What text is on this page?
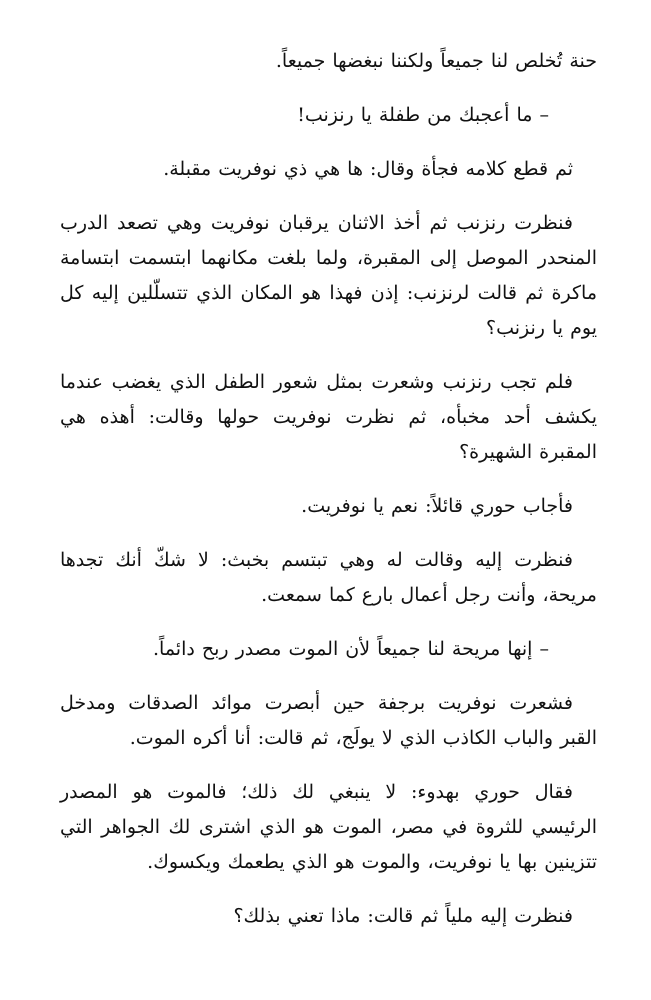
حنة تُخلص لنا جميعاً ولكننا نبغضها جميعاً.

– ما أعجبك من طفلة يا رنزنب!

ثم قطع كلامه فجأة وقال: ها هي ذي نوفريت مقبلة.

فنظرت رنزنب ثم أخذ الاثنان يرقبان نوفريت وهي تصعد الدرب المنحدر الموصل إلى المقبرة، ولما بلغت مكانهما ابتسمت ابتسامة ماكرة ثم قالت لرنزنب: إذن فهذا هو المكان الذي تتسلّلين إليه كل يوم يا رنزنب؟

فلم تجب رنزنب وشعرت بمثل شعور الطفل الذي يغضب عندما يكشف أحد مخبأه، ثم نظرت نوفريت حولها وقالت: أهذه هي المقبرة الشهيرة؟

فأجاب حوري قائلاً: نعم يا نوفريت.

فنظرت إليه وقالت له وهي تبتسم بخبث: لا شكّ أنك تجدها مريحة، وأنت رجل أعمال بارع كما سمعت.

– إنها مريحة لنا جميعاً لأن الموت مصدر ربح دائماً.

فشعرت نوفريت برجفة حين أبصرت موائد الصدقات ومدخل القبر والباب الكاذب الذي لا يولَج، ثم قالت: أنا أكره الموت.

فقال حوري بهدوء: لا ينبغي لك ذلك؛ فالموت هو المصدر الرئيسي للثروة في مصر، الموت هو الذي اشترى لك الجواهر التي تتزينين بها يا نوفريت، والموت هو الذي يطعمك ويكسوك.

فنظرت إليه ملياً ثم قالت: ماذا تعني بذلك؟
